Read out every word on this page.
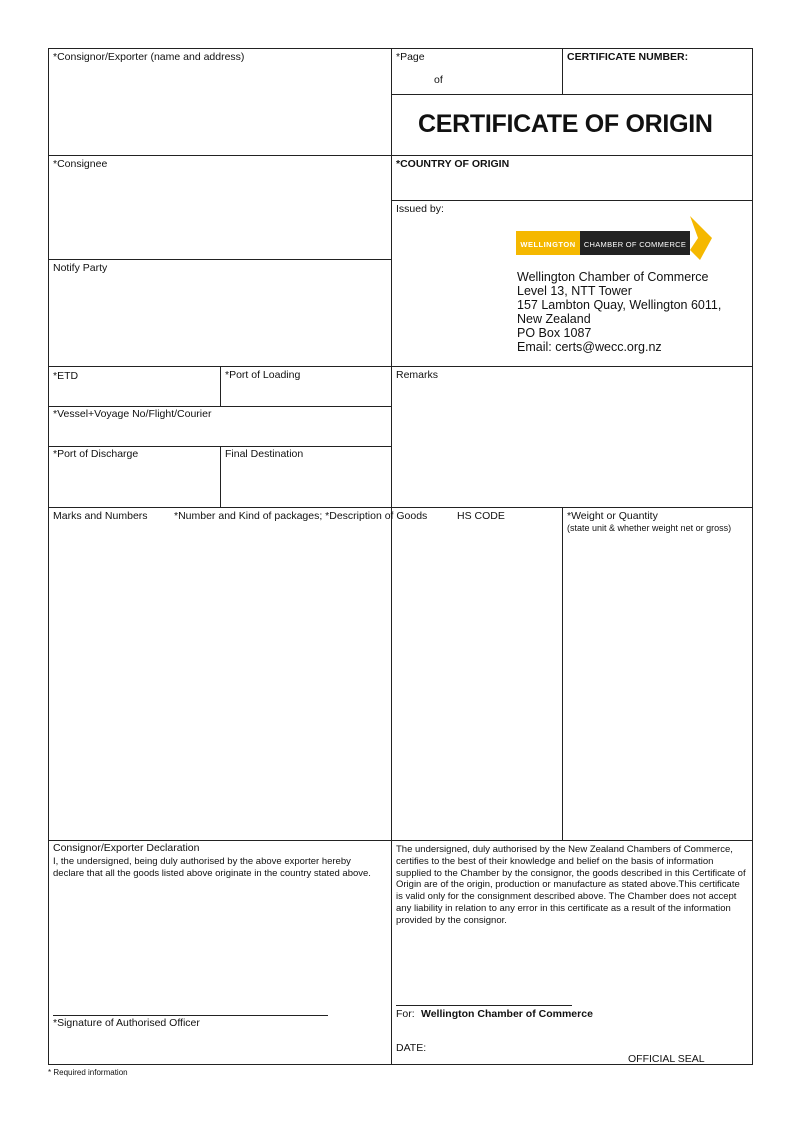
*Consignor/Exporter (name and address)	*Page
of
CERTIFICATE NUMBER:
CERTIFICATE OF ORIGIN
*Consignee	*COUNTRY OF ORIGIN
Issued by:
Notify Party
WELLINGTON CHAMBER OF COMMERCE
Wellington Chamber of Commerce
Level 13, NTT Tower
157 Lambton Quay, Wellington 6011,
New Zealand
PO Box 1087
Email: certs@wecc.org.nz
*ETD	*Port of Loading	Remarks
*Vessel+Voyage No/Flight/Courier
*Port of Discharge	Final Destination
Marks and Numbers	*Number and Kind of packages; *Description of Goods	HS CODE	*Weight or Quantity
(state unit & whether weight net or gross)
Consignor/Exporter Declaration
I, the undersigned, being duly authorised by the above exporter hereby declare that all the goods listed above originate in the country stated above.
*Signature of Authorised Officer
The undersigned, duly authorised by the New Zealand Chambers of Commerce, certifies to the best of their knowledge and belief on the basis of information supplied to the Chamber by the consignor, the goods described in this Certificate of Origin are of the origin, production or manufacture as stated above.This certificate is valid only for the consignment described above. The Chamber does not accept any liability in relation to any error in this certificate as a result of the information provided by the consignor.
For: Wellington Chamber of Commerce
DATE:
OFFICIAL SEAL
* Required information
